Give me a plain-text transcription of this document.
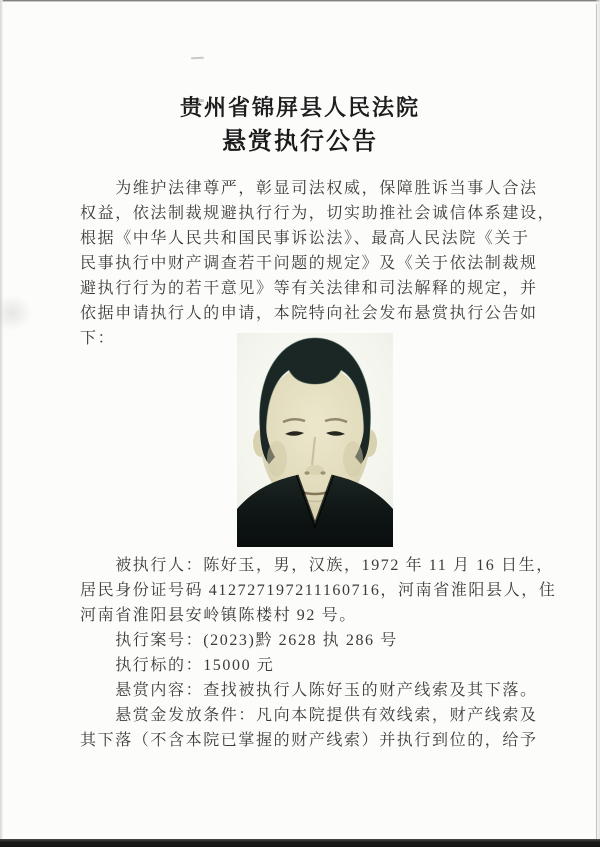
贵州省锦屏县人民法院
悬赏执行公告
　　为维护法律尊严，彰显司法权威，保障胜诉当事人合法
权益，依法制裁规避执行行为，切实助推社会诚信体系建设，
根据《中华人民共和国民事诉讼法》、最高人民法院《关于
民事执行中财产调查若干问题的规定》及《关于依法制裁规
避执行行为的若干意见》等有关法律和司法解释的规定，并
依据申请执行人的申请，本院特向社会发布悬赏执行公告如
下：
　　被执行人：陈好玉，男，汉族，1972 年 11 月 16 日生，
居民身份证号码 412727197211160716，河南省淮阳县人，住
河南省淮阳县安岭镇陈楼村 92 号。
　　执行案号：(2023)黔 2628 执 286 号
　　执行标的：15000 元
　　悬赏内容：查找被执行人陈好玉的财产线索及其下落。
　　悬赏金发放条件：凡向本院提供有效线索，财产线索及
其下落（不含本院已掌握的财产线索）并执行到位的，给予
